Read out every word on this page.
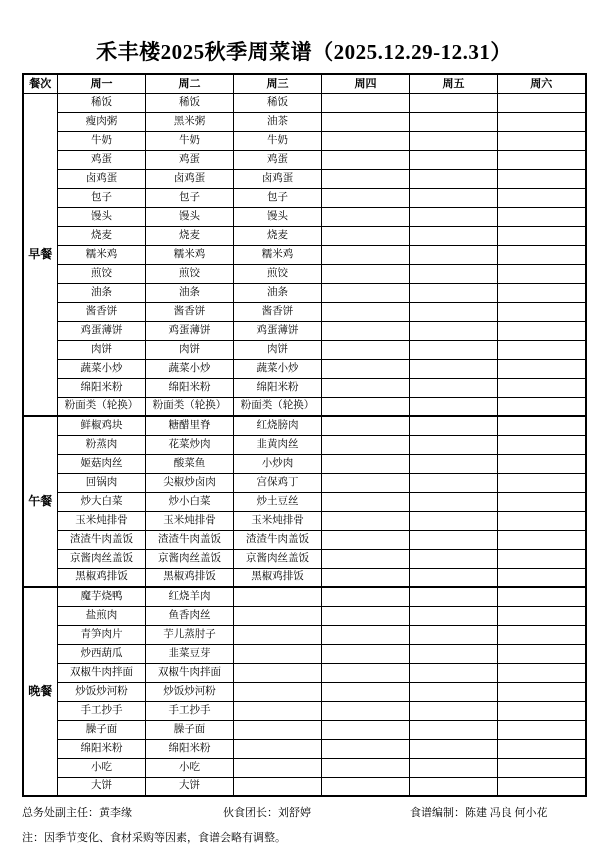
禾丰楼2025秋季周菜谱（2025.12.29-12.31）
餐次	周一	周二	周三	周四	周五	周六
早餐	稀饭	稀饭	稀饭			
	瘦肉粥	黑米粥	油茶			
	牛奶	牛奶	牛奶			
	鸡蛋	鸡蛋	鸡蛋			
	卤鸡蛋	卤鸡蛋	卤鸡蛋			
	包子	包子	包子			
	馒头	馒头	馒头			
	烧麦	烧麦	烧麦			
	糯米鸡	糯米鸡	糯米鸡			
	煎饺	煎饺	煎饺			
	油条	油条	油条			
	酱香饼	酱香饼	酱香饼			
	鸡蛋薄饼	鸡蛋薄饼	鸡蛋薄饼			
	肉饼	肉饼	肉饼			
	蔬菜小炒	蔬菜小炒	蔬菜小炒			
	绵阳米粉	绵阳米粉	绵阳米粉			
	粉面类（轮换）	粉面类（轮换）	粉面类（轮换）			
午餐	鲜椒鸡块	糖醋里脊	红烧膀肉			
	粉蒸肉	花菜炒肉	韭黄肉丝			
	姬菇肉丝	酸菜鱼	小炒肉			
	回锅肉	尖椒炒卤肉	宫保鸡丁			
	炒大白菜	炒小白菜	炒土豆丝			
	玉米炖排骨	玉米炖排骨	玉米炖排骨			
	渣渣牛肉盖饭	渣渣牛肉盖饭	渣渣牛肉盖饭			
	京酱肉丝盖饭	京酱肉丝盖饭	京酱肉丝盖饭			
	黑椒鸡排饭	黑椒鸡排饭	黑椒鸡排饭			
晚餐	魔芋烧鸭	红烧羊肉				
	盐煎肉	鱼香肉丝				
	青笋肉片	芋儿蒸肘子				
	炒西葫瓜	韭菜豆芽				
	双椒牛肉拌面	双椒牛肉拌面				
	炒饭炒河粉	炒饭炒河粉				
	手工抄手	手工抄手				
	臊子面	臊子面				
	绵阳米粉	绵阳米粉				
	小吃	小吃				
	大饼	大饼				
总务处副主任：黄李缘	伙食团长：刘舒婷	食谱编制：陈建 冯良 何小花
注：因季节变化、食材采购等因素，食谱会略有调整。
